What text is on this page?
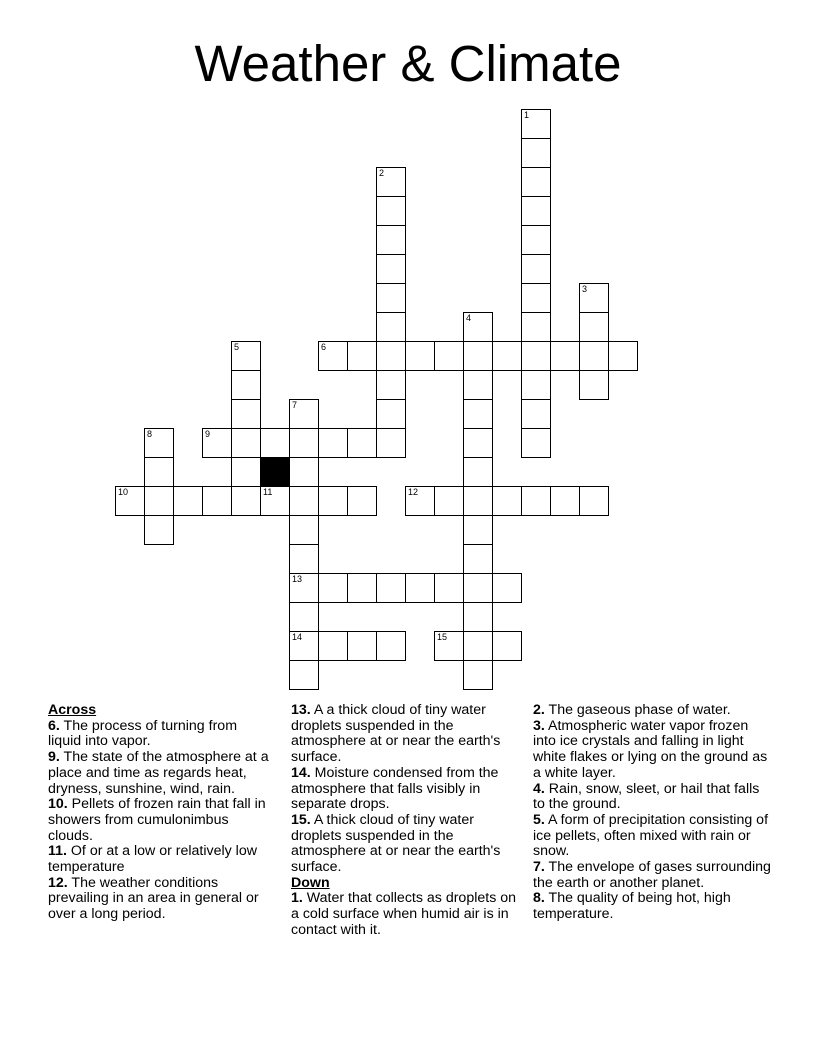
Weather & Climate
1
2
3
4
5	6
7
8	9
10	11	12
13
14	15
Across
6. The process of turning from liquid into vapor.
9. The state of the atmosphere at a place and time as regards heat, dryness, sunshine, wind, rain.
10. Pellets of frozen rain that fall in showers from cumulonimbus clouds.
11. Of or at a low or relatively low temperature
12. The weather conditions prevailing in an area in general or over a long period.
13. A a thick cloud of tiny water droplets suspended in the atmosphere at or near the earth's surface.
14. Moisture condensed from the atmosphere that falls visibly in separate drops.
15. A thick cloud of tiny water droplets suspended in the atmosphere at or near the earth's surface.
Down
1. Water that collects as droplets on a cold surface when humid air is in contact with it.
2. The gaseous phase of water.
3. Atmospheric water vapor frozen into ice crystals and falling in light white flakes or lying on the ground as a white layer.
4. Rain, snow, sleet, or hail that falls to the ground.
5. A form of precipitation consisting of ice pellets, often mixed with rain or snow.
7. The envelope of gases surrounding the earth or another planet.
8. The quality of being hot, high temperature.
